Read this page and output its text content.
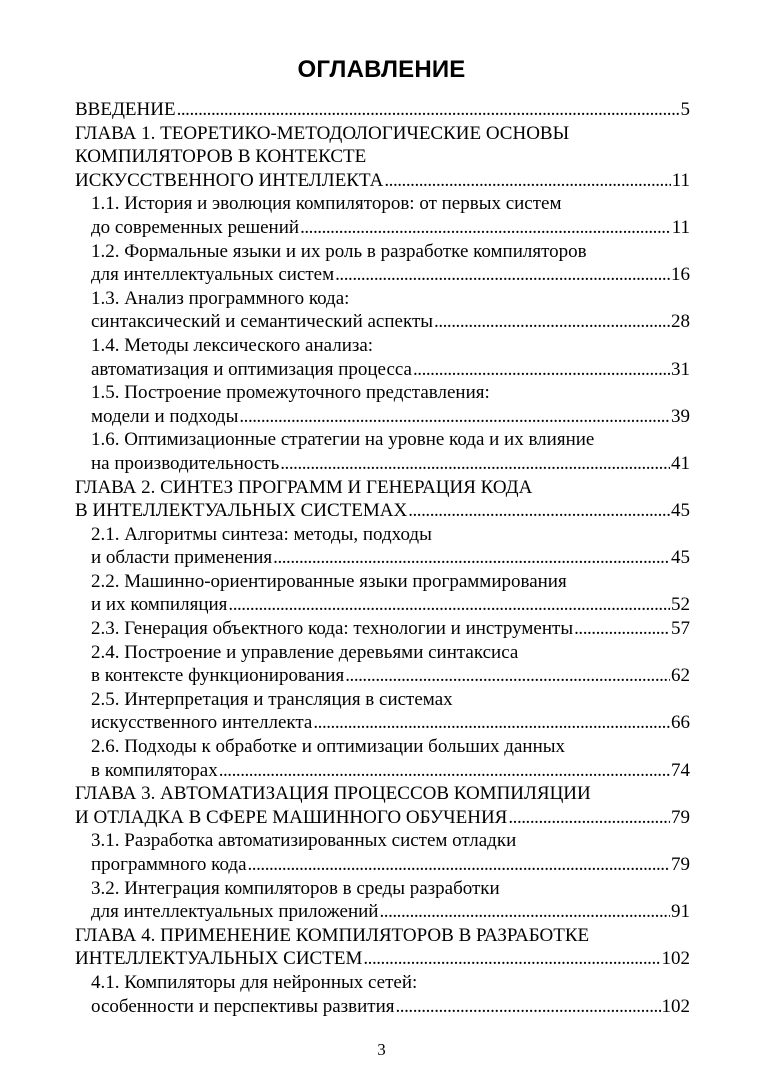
ОГЛАВЛЕНИЕ
ВВЕДЕНИЕ . . .	5
ГЛАВА 1. ТЕОРЕТИКО-МЕТОДОЛОГИЧЕСКИЕ ОСНОВЫ
КОМПИЛЯТОРОВ В КОНТЕКСТЕ
ИСКУССТВЕННОГО ИНТЕЛЛЕКТА . . .	11
1.1. История и эволюция компиляторов: от первых систем
до современных решений . . .	11
1.2. Формальные языки и их роль в разработке компиляторов
для интеллектуальных систем . . .	16
1.3. Анализ программного кода:
синтаксический и семантический аспекты . . .	28
1.4. Методы лексического анализа:
автоматизация и оптимизация процесса . . .	31
1.5. Построение промежуточного представления:
модели и подходы . . .	39
1.6. Оптимизационные стратегии на уровне кода и их влияние
на производительность . . .	41
ГЛАВА 2. СИНТЕЗ ПРОГРАММ И ГЕНЕРАЦИЯ КОДА
В ИНТЕЛЛЕКТУАЛЬНЫХ СИСТЕМАХ . . .	45
2.1. Алгоритмы синтеза: методы, подходы
и области применения . . .	45
2.2. Машинно-ориентированные языки программирования
и их компиляция . . .	52
2.3. Генерация объектного кода: технологии и инструменты . . .	57
2.4. Построение и управление деревьями синтаксиса
в контексте функционирования . . .	62
2.5. Интерпретация и трансляция в системах
искусственного интеллекта . . .	66
2.6. Подходы к обработке и оптимизации больших данных
в компиляторах . . .	74
ГЛАВА 3. АВТОМАТИЗАЦИЯ ПРОЦЕССОВ КОМПИЛЯЦИИ
И ОТЛАДКА В СФЕРЕ МАШИННОГО ОБУЧЕНИЯ . . .	79
3.1. Разработка автоматизированных систем отладки
программного кода . . .	79
3.2. Интеграция компиляторов в среды разработки
для интеллектуальных приложений . . .	91
ГЛАВА 4. ПРИМЕНЕНИЕ КОМПИЛЯТОРОВ В РАЗРАБОТКЕ
ИНТЕЛЛЕКТУАЛЬНЫХ СИСТЕМ . . .	102
4.1. Компиляторы для нейронных сетей:
особенности и перспективы развития . . .	102
3
